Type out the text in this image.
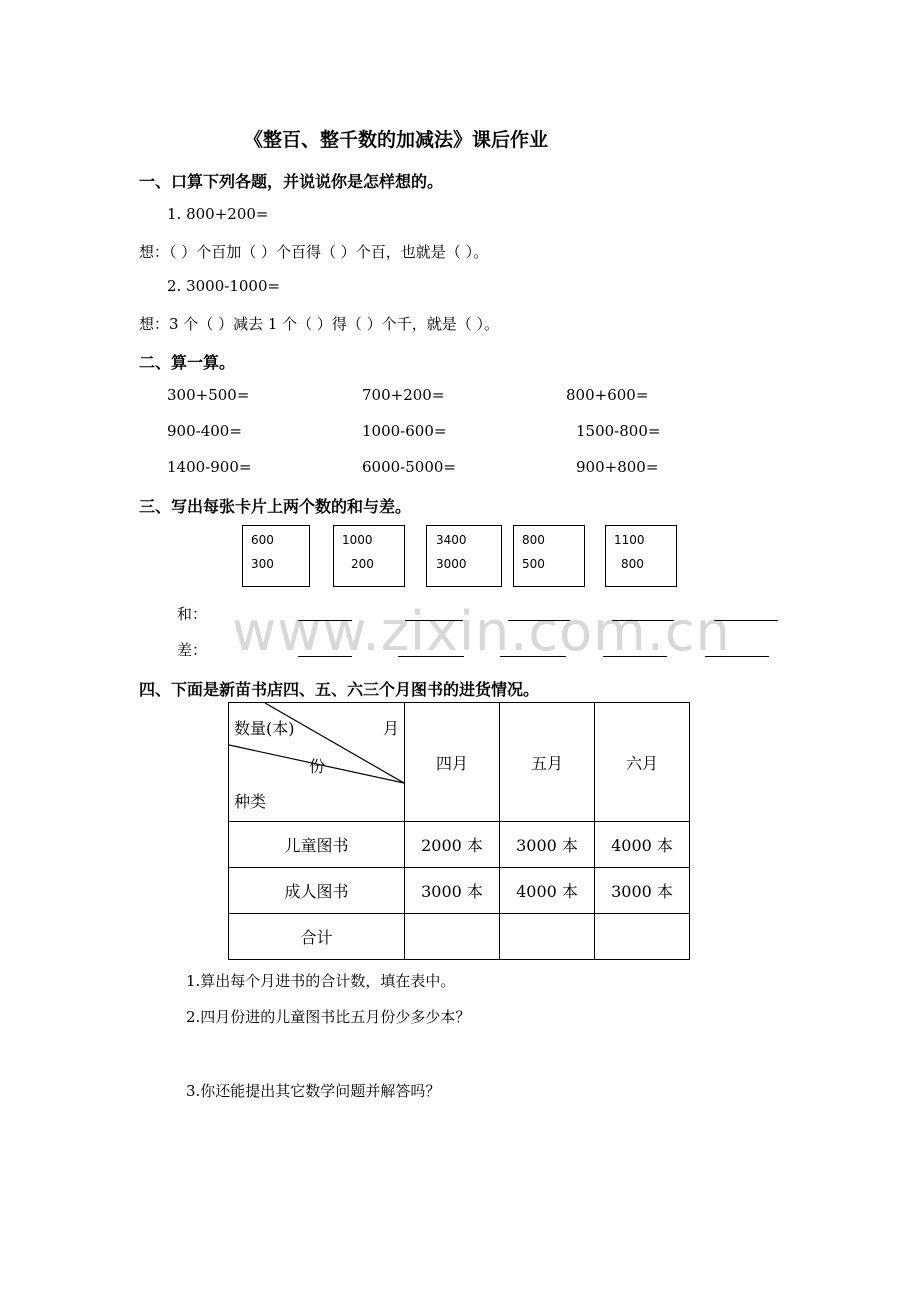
《整百、整千数的加减法》课后作业
一、口算下列各题，并说说你是怎样想的。
1. 800+200=
想：（ ）个百加（ ）个百得（ ）个百，也就是（ ）。
2. 3000-1000=
想：3 个（ ）减去 1 个（ ）得（ ）个千，就是（ ）。
二、算一算。
300+500=	700+200=	800+600=
900-400=	1000-600=	1500-800=
1400-900=	6000-5000=	900+800=
三、写出每张卡片上两个数的和与差。
600
300
1000
200
3400
3000
800
500
1100
800
www.zixin.com.cn
和：
差：
四、下面是新苗书店四、五、六三个月图书的进货情况。
数量(本) 月
份
种类	四月	五月	六月
儿童图书	2000 本	3000 本	4000 本
成人图书	3000 本	4000 本	3000 本
合计			
1.算出每个月进书的合计数，填在表中。
2.四月份进的儿童图书比五月份少多少本？
3.你还能提出其它数学问题并解答吗？
